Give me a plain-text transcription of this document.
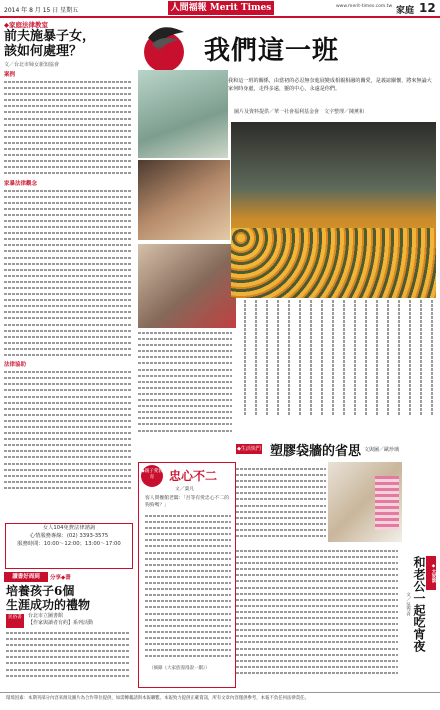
2014 年 8 月 15 日 星期五	人間福報 Merit Times	www.merit-times.com.tw 家庭 12
◆家庭法律教室
前夫施暴子女，
該如何處理？
文／台北市婦女新知協會
案例
家暴法律觀念
法律協助
女人104免費法律諮詢
心情服務專線：(02) 3393-3575
服務時間：10:00～12:00；13:00～17:00
讀書好周到	分享◆書
培養孩子6個
生涯成功的禮物
民俗書	台北市立圖書館
【作家與讀者有約】系列活動
用愛守護的天使	我們這一班
我和這一班的關係，由當初的必忍無奈進展變成相親相融的關愛，是義誼關懷，將來無論大家何時身處，走得多遠，靈的中心，永遠是你們。
圖片及資料提供／華一社會福利基金會　文字整理／陳薰和
◆生活快門 塑膠袋牆的省思 文與圖／歐珍璃
◆親子愛教育	忠心不二
文／葉凡
客人問餐館老闆：「吾等有愛忠心不二的狗狗嗎？」
（摘錄《大家族漫漫說一劇》）
◆大家談
和老公一起吃宵夜
文／吳秀青
環境因素：本期刊部分內容來源及圖片為合作單位提供，如需轉載請與本報聯繫。本報致力提供正確資訊，所有文章內容僅供參考，本報不負任何法律責任。
